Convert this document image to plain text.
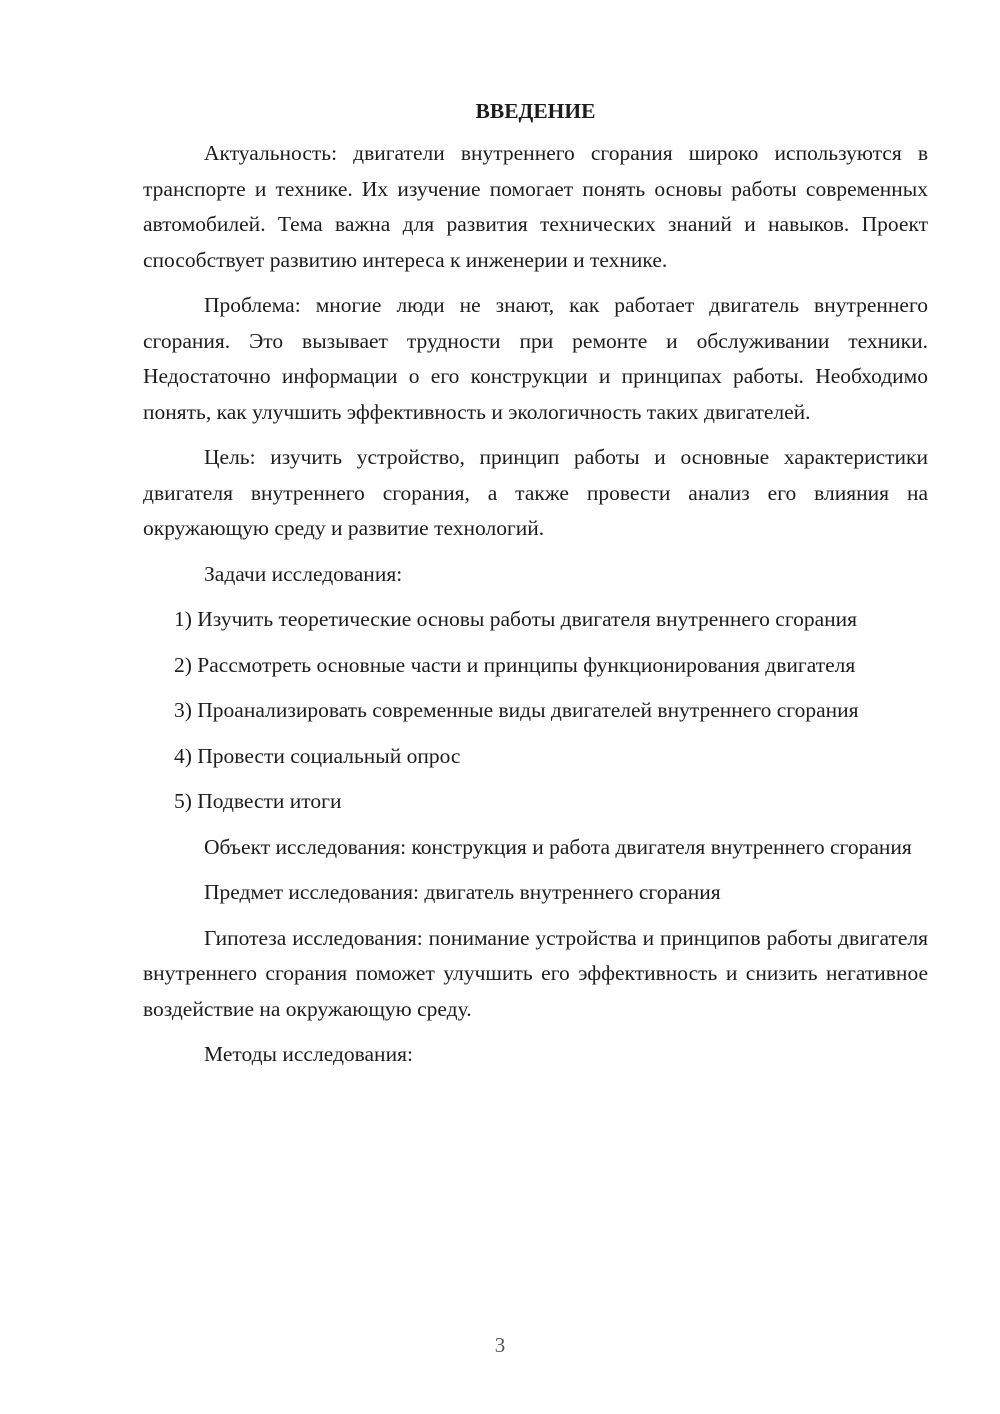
ВВЕДЕНИЕ

Актуальность: двигатели внутреннего сгорания широко используются в транспорте и технике. Их изучение помогает понять основы работы современных автомобилей. Тема важна для развития технических знаний и навыков. Проект способствует развитию интереса к инженерии и технике.

Проблема: многие люди не знают, как работает двигатель внутреннего сгорания. Это вызывает трудности при ремонте и обслуживании техники. Недостаточно информации о его конструкции и принципах работы. Необходимо понять, как улучшить эффективность и экологичность таких двигателей.

Цель: изучить устройство, принцип работы и основные характеристики двигателя внутреннего сгорания, а также провести анализ его влияния на окружающую среду и развитие технологий.

Задачи исследования:

1) Изучить теоретические основы работы двигателя внутреннего сгорания

2) Рассмотреть основные части и принципы функционирования двигателя

3) Проанализировать современные виды двигателей внутреннего сгорания

4) Провести социальный опрос

5) Подвести итоги

Объект исследования: конструкция и работа двигателя внутреннего сгорания

Предмет исследования: двигатель внутреннего сгорания

Гипотеза исследования: понимание устройства и принципов работы двигателя внутреннего сгорания поможет улучшить его эффективность и снизить негативное воздействие на окружающую среду.

Методы исследования:

3
